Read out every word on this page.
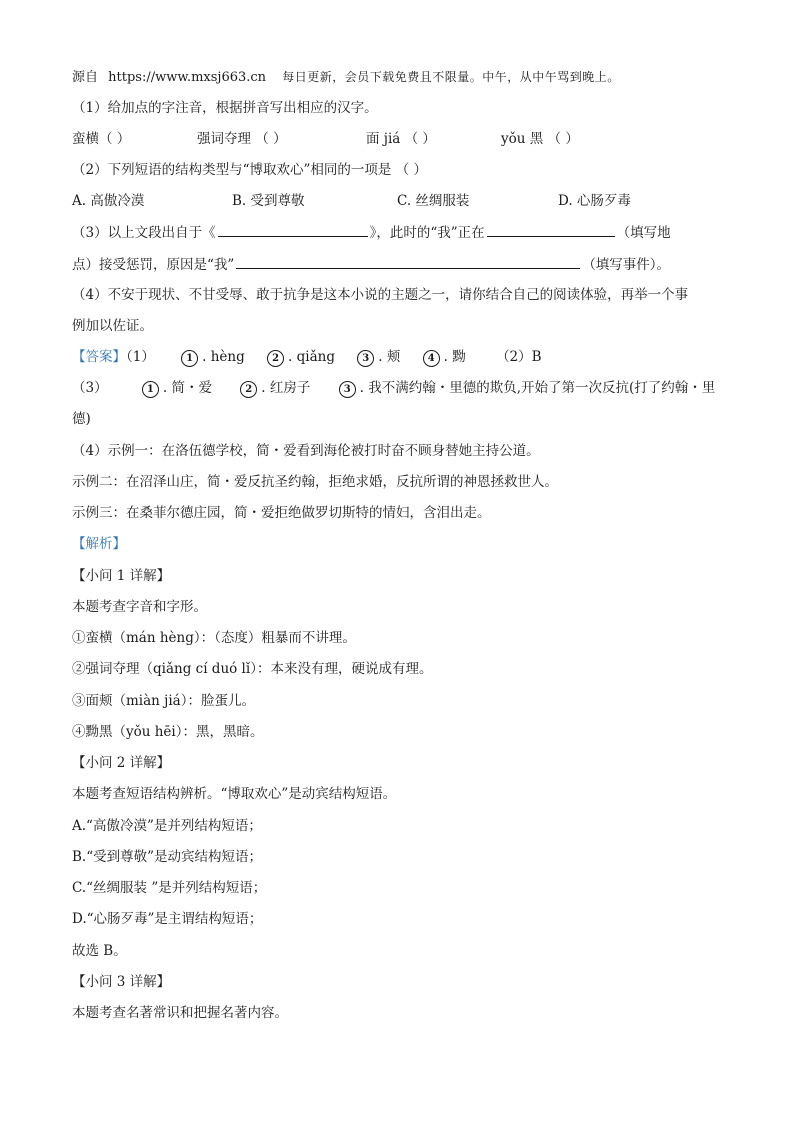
源自 https://www.mxsj663.cn 每日更新，会员下载免费且不限量。中午，从中午骂到晚上。
（1）给加点的字注音，根据拼音写出相应的汉字。
蛮横（ ）	强词夺理 （ ）	面 jiá （ ）	yǒu 黑 （ ）
（2）下列短语的结构类型与“博取欢心”相同的一项是 （ ）
A. 高傲冷漠	B. 受到尊敬	C. 丝绸服装	D. 心肠歹毒
（3）以上文段出自于《	》，此时的“我”正在	（填写地
点）接受惩罚，原因是“我”	（填写事件）。
（4）不安于现状、不甘受辱、敢于抗争是这本小说的主题之一，请你结合自己的阅读体验，再举一个事
例加以佐证。
【答案】（1）	1 . hèng	2 . qiǎng	3 . 颊	4 . 黝 （2）B
（3）	1 . 简・爱	2 . 红房子	3 . 我不满约翰・里德的欺负,开始了第一次反抗(打了约翰・里
德)
（4）示例一：在洛伍德学校，简・爱看到海伦被打时奋不顾身替她主持公道。
示例二：在沼泽山庄，简・爱反抗圣约翰，拒绝求婚，反抗所谓的神恩拯救世人。
示例三：在桑菲尔德庄园，简・爱拒绝做罗切斯特的情妇，含泪出走。
【解析】
【小问 1 详解】
本题考查字音和字形。
①蛮横（mán hèng）：（态度）粗暴而不讲理。
②强词夺理（qiǎng cí duó lǐ）：本来没有理，硬说成有理。
③面颊（miàn jiá）：脸蛋儿。
④黝黑（yǒu hēi）：黑，黑暗。
【小问 2 详解】
本题考查短语结构辨析。“博取欢心”是动宾结构短语。
A.“高傲冷漠”是并列结构短语；
B.“受到尊敬”是动宾结构短语；
C.“丝绸服装 ”是并列结构短语；
D.“心肠歹毒”是主谓结构短语；
故选 B。
【小问 3 详解】
本题考查名著常识和把握名著内容。
